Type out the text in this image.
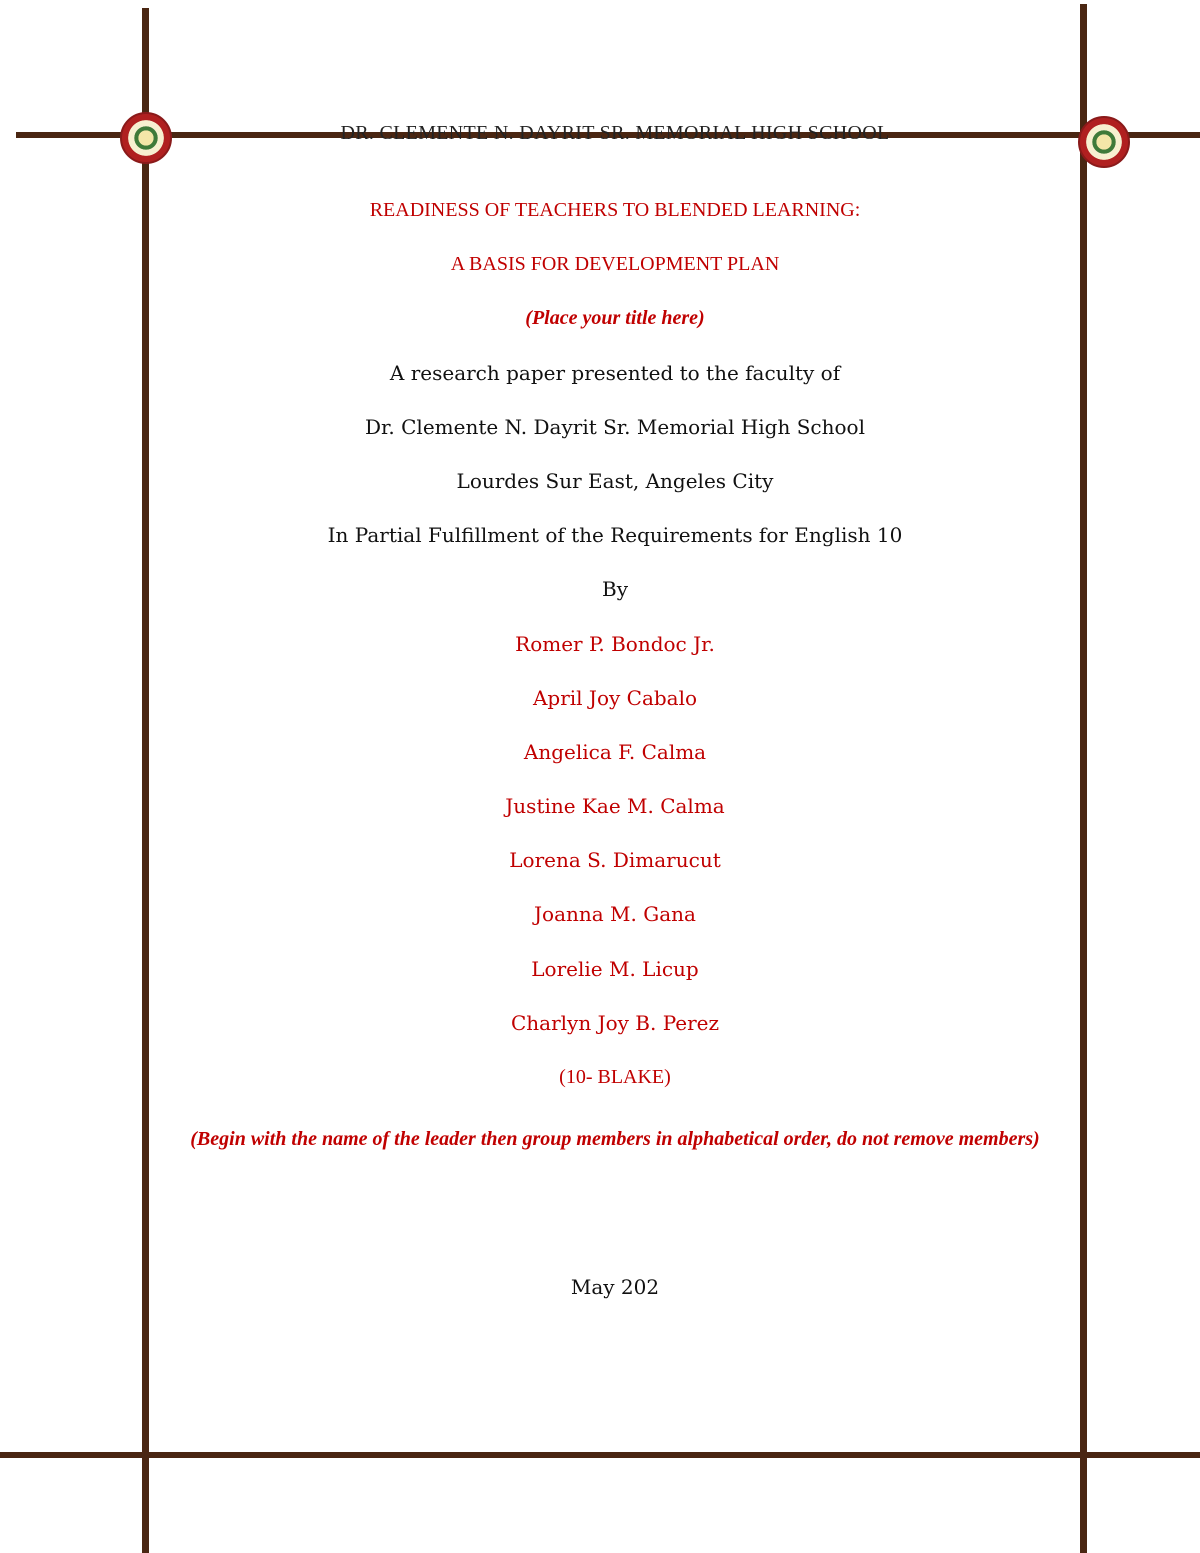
DR. CLEMENTE N. DAYRIT SR. MEMORIAL HIGH SCHOOL
READINESS OF TEACHERS TO BLENDED LEARNING:
A BASIS FOR DEVELOPMENT PLAN
(Place your title here)
A research paper presented to the faculty of
Dr. Clemente N. Dayrit Sr. Memorial High School
Lourdes Sur East, Angeles City
In Partial Fulfillment of the Requirements for English 10
By
Romer P. Bondoc Jr.
April Joy Cabalo
Angelica F. Calma
Justine Kae M. Calma
Lorena S. Dimarucut
Joanna M. Gana
Lorelie M. Licup
Charlyn Joy B. Perez
(10- BLAKE)
(Begin with the name of the leader then group members in alphabetical order, do not remove members)
May 202
